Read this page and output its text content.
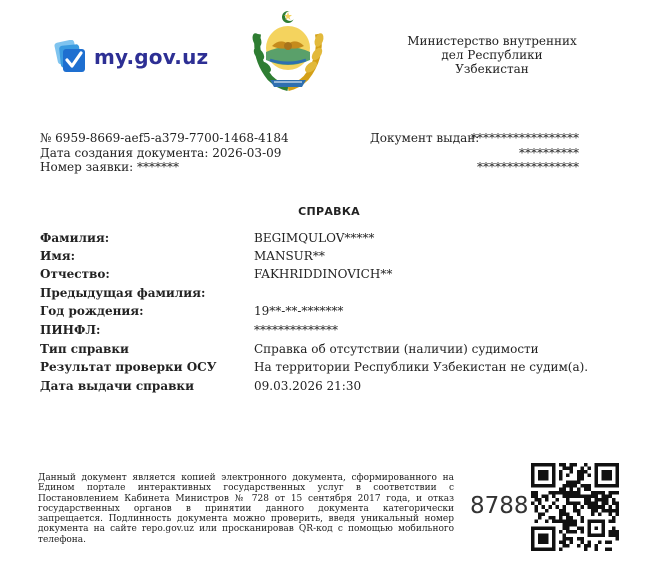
my.gov.uz
Министерство внутренних
дел Республики
Узбекистан
№ 6959-8669-aef5-a379-7700-1468-4184
Дата создания документа: 2026-03-09
Номер заявки: *******
Документ выдан:
******************
**********
*****************
СПРАВКА
Фамилия:	BEGIMQULOV*****
Имя:	MANSUR**
Отчество:	FAKHRIDDINOVICH**
Предыдущая фамилия:
Год рождения:	19**-**-*******
ПИНФЛ:	**************
Тип справки	Справка об отсутствии (наличии) судимости
Результат проверки ОСУ	На территории Республики Узбекистан не судим(а).
Дата выдачи справки	09.03.2026 21:30
Данный документ является копией электронного документа, сформированного на Едином портале интерактивных государственных услуг в соответствии с Постановлением Кабинета Министров № 728 от 15 сентября 2017 года, и отказ государственных органов в принятии данного документа категорически запрещается. Подлинность документа можно проверить, введя уникальный номер документа на сайте repo.gov.uz или просканировав QR-код с помощью мобильного телефона.
8788
